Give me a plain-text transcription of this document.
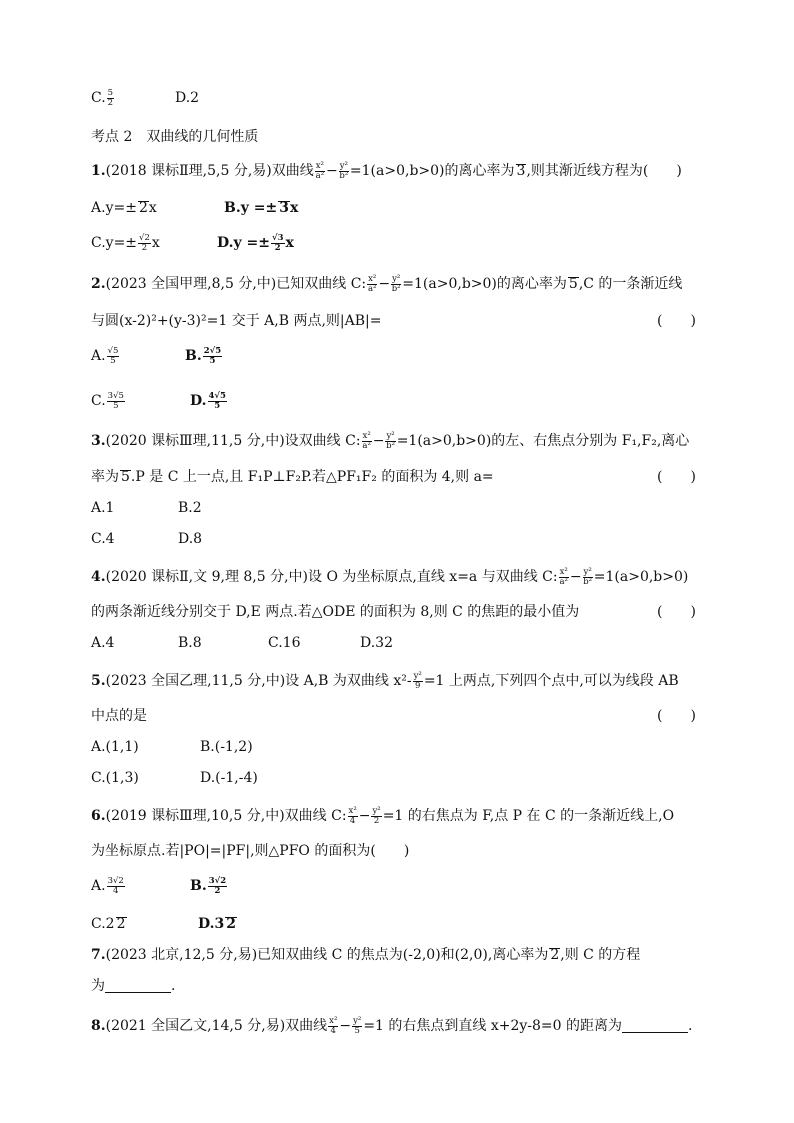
C. $\frac{5}{2}$	D.2
考点 2　双曲线的几何性质
1.(2018 课标Ⅱ理,5,5 分,易)双曲线 $\frac{\text{x²}}{\text{a²}} - \frac{\text{y²}}{\text{b²}} =1(a>0,b>0)$的离心率为 3,则其渐近线方程为(　　)
A.y=± 2x	B.y =± 3x
$C.y=\pm \frac{√2}{2}$ x	$D.y =\pm \frac{√3}{2}$ x
2.(2023 全国甲理,8,5 分,中)已知双曲线 C: $\frac{\text{x²}}{\text{a²}} - \frac{\text{y²}}{\text{b²}} =1(a>0,b>0)$的离心率为 5,C 的一条渐近线
与圆(x-2)²+(y-3)²=1 交于 A,B 两点,则|AB|=	(　　)
A. $\frac{√5}{5}$	B. $\frac{2√5}{5}$
C. $\frac{3√5}{5}$	D. $\frac{4√5}{5}$
3.(2020 课标Ⅲ理,11,5 分,中)设双曲线 C: $\frac{\text{x²}}{\text{a²}} - \frac{\text{y²}}{\text{b²}} =1(a>0,b>0)$的左、右焦点分别为 F₁,F₂,离心
率为 5.P 是 C 上一点,且 F₁P⊥F₂P.若△PF₁F₂ 的面积为 4,则 a=	(　　)
A.1	B.2
C.4	D.8
4.(2020 课标Ⅱ,文 9,理 8,5 分,中)设 O 为坐标原点,直线 x=a 与双曲线 C: $\frac{\text{x²}}{\text{a²}} - \frac{\text{y²}}{\text{b²}} =1(a>0,b>0)$
的两条渐近线分别交于 D,E 两点.若△ODE 的面积为 8,则 C 的焦距的最小值为	(　　)
A.4	B.8	C.16	D.32
5.(2023 全国乙理,11,5 分,中)设 A,B 为双曲线 $x^2- \frac{\text{y²}}{9} =1$ 上两点,下列四个点中,可以为线段 AB
中点的是	(　　)
A.(1,1)	B.(-1,2)
C.(1,3)	D.(-1,-4)
6.(2019 课标Ⅲ理,10,5 分,中)双曲线 C: $\frac{\text{x²}}{4} - \frac{\text{y²}}{2} =1$ 的右焦点为 F,点 P 在 C 的一条渐近线上,O
为坐标原点.若|PO|=|PF|,则△PFO 的面积为(　　)
A. $\frac{3√2}{4}$	B. $\frac{3√2}{2}$
C.2 2	D.3 2
7.(2023 北京,12,5 分,易)已知双曲线 C 的焦点为(-2,0)和(2,0),离心率为 2,则 C 的方程
为	.
8.(2021 全国乙文,14,5 分,易)双曲线 $\frac{\text{x²}}{4} - \frac{\text{y²}}{5} =1$ 的右焦点到直线 x+2y-8=0 的距离为	.
